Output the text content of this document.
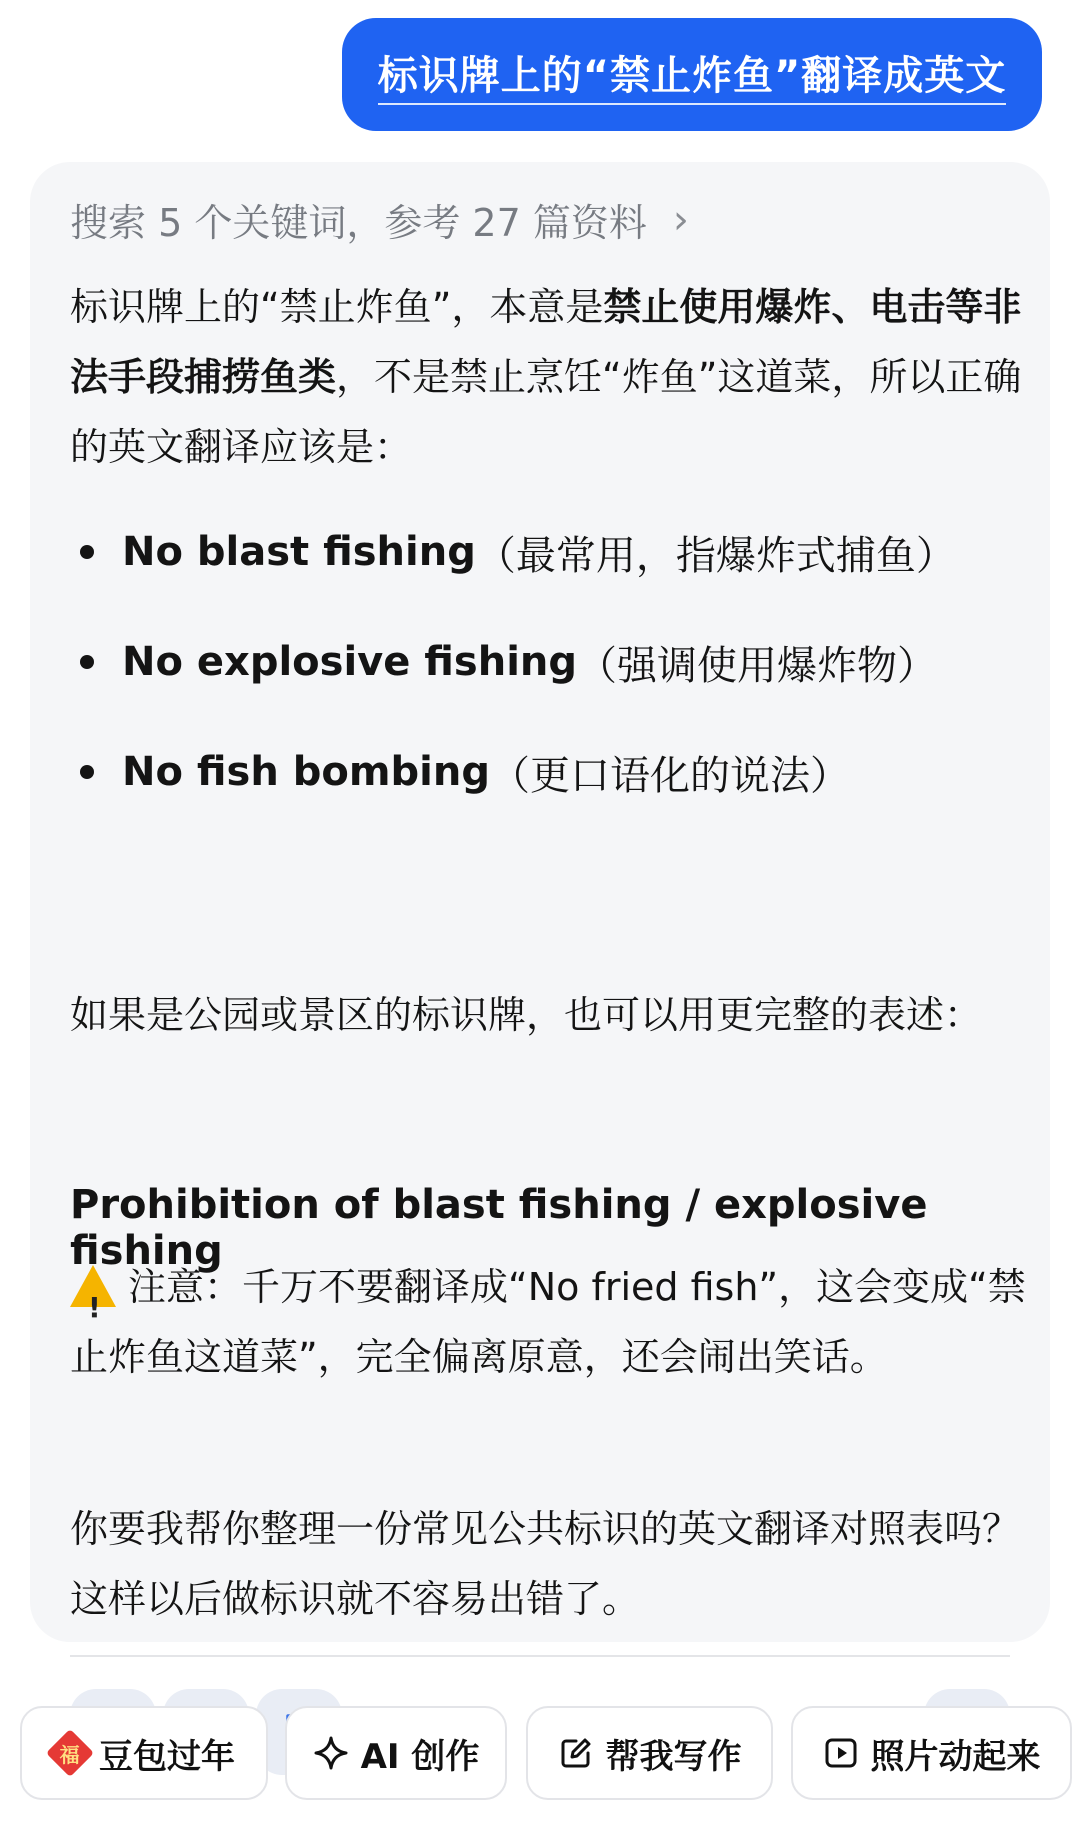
标识牌上的“禁止炸鱼”翻译成英文
搜索 5 个关键词，参考 27 篇资料 ›
标识牌上的“禁止炸鱼”，本意是禁止使用爆炸、电击等非法手段捕捞鱼类，不是禁止烹饪“炸鱼”这道菜，所以正确的英文翻译应该是：
No blast fishing （最常用，指爆炸式捕鱼）
No explosive fishing （强调使用爆炸物）
No fish bombing （更口语化的说法）
如果是公园或景区的标识牌，也可以用更完整的表述：
Prohibition of blast fishing / explosive fishing
!注意：千万不要翻译成“No fried fish”，这会变成“禁止炸鱼这道菜”，完全偏离原意，还会闹出笑话。
你要我帮你整理一份常见公共标识的英文翻译对照表吗？这样以后做标识就不容易出错了。
福 豆包过年	AI 创作	帮我写作	照片动起来
